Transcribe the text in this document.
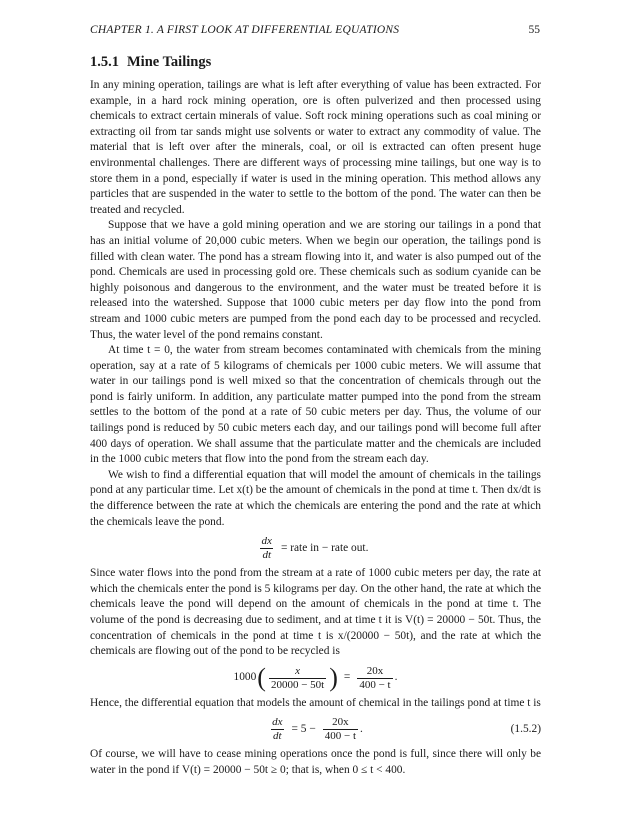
CHAPTER 1. A FIRST LOOK AT DIFFERENTIAL EQUATIONS	55
1.5.1 Mine Tailings

In any mining operation, tailings are what is left after everything of value has been extracted. For example, in a hard rock mining operation, ore is often pulverized and then processed using chemicals to extract certain minerals of value. Soft rock mining operations such as coal mining or extracting oil from tar sands might use solvents or water to extract any commodity of value. The material that is left over after the minerals, coal, or oil is extracted can often present huge environmental challenges. There are different ways of processing mine tailings, but one way is to store them in a pond, especially if water is used in the mining operation. This method allows any particles that are suspended in the water to settle to the bottom of the pond. The water can then be treated and recycled.

Suppose that we have a gold mining operation and we are storing our tailings in a pond that has an initial volume of 20,000 cubic meters. When we begin our operation, the tailings pond is filled with clean water. The pond has a stream flowing into it, and water is also pumped out of the pond. Chemicals are used in processing gold ore. These chemicals such as sodium cyanide can be highly poisonous and dangerous to the environment, and the water must be treated before it is released into the watershed. Suppose that 1000 cubic meters per day flow into the pond from stream and 1000 cubic meters are pumped from the pond each day to be processed and recycled. Thus, the water level of the pond remains constant.

At time t = 0, the water from stream becomes contaminated with chemicals from the mining operation, say at a rate of 5 kilograms of chemicals per 1000 cubic meters. We will assume that water in our tailings pond is well mixed so that the concentration of chemicals through out the pond is fairly uniform. In addition, any particulate matter pumped into the pond from the stream settles to the bottom of the pond at a rate of 50 cubic meters per day. Thus, the volume of our tailings pond is reduced by 50 cubic meters each day, and our tailings pond will become full after 400 days of operation. We shall assume that the particulate matter and the chemicals are included in the 1000 cubic meters that flow into the pond from the stream each day.

We wish to find a differential equation that will model the amount of chemicals in the tailings pond at any particular time. Let x(t) be the amount of chemicals in the pond at time t. Then dx/dt is the difference between the rate at which the chemicals are entering the pond and the rate at which the chemicals leave the pond.

$\frac{dx}{dt}$ = rate in − rate out.

Since water flows into the pond from the stream at a rate of 1000 cubic meters per day, the rate at which the chemicals enter the pond is 5 kilograms per day. On the other hand, the rate at which the chemicals leave the pond will depend on the amount of chemicals in the pond at time t. The volume of the pond is decreasing due to sediment, and at time t it is V(t) = 20000 − 50t. Thus, the concentration of chemicals in the pond at time t is x/(20000 − 50t), and the rate at which the chemicals are flowing out of the pond to be recycled is

1000 ( $\frac{x}{20000 - 50t}$ ) = $\frac{20x}{400 - t}$ .

Hence, the differential equation that models the amount of chemical in the tailings pond at time t is

$\frac{dx}{dt} = 5 - \frac{20x}{400 - t}$ .	(1.5.2)

Of course, we will have to cease mining operations once the pond is full, since there will only be water in the pond if V(t) = 20000 − 50t ≥ 0; that is, when 0 ≤ t < 400.
